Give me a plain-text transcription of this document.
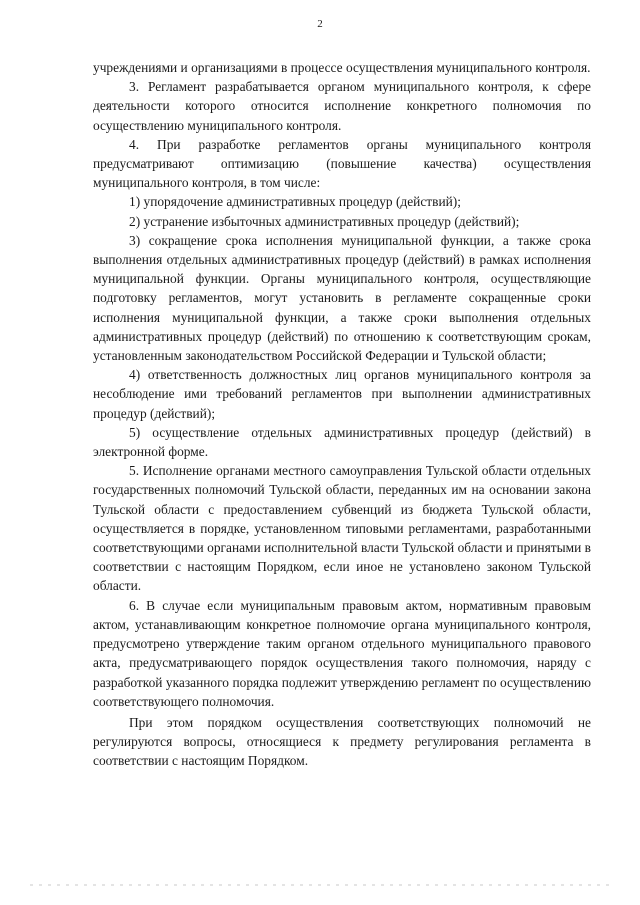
2

учреждениями и организациями в процессе осуществления муниципального контроля.

3. Регламент разрабатывается органом муниципального контроля, к сфере деятельности которого относится исполнение конкретного полномочия по осуществлению муниципального контроля.

4. При разработке регламентов органы муниципального контроля предусматривают оптимизацию (повышение качества) осуществления муниципального контроля, в том числе:

1) упорядочение административных процедур (действий);

2) устранение избыточных административных процедур (действий);

3) сокращение срока исполнения муниципальной функции, а также срока выполнения отдельных административных процедур (действий) в рамках исполнения муниципальной функции. Органы муниципального контроля, осуществляющие подготовку регламентов, могут установить в регламенте сокращенные сроки исполнения муниципальной функции, а также сроки выполнения отдельных административных процедур (действий) по отношению к соответствующим срокам, установленным законодательством Российской Федерации и Тульской области;

4) ответственность должностных лиц органов муниципального контроля за несоблюдение ими требований регламентов при выполнении административных процедур (действий);

5) осуществление отдельных административных процедур (действий) в электронной форме.

5. Исполнение органами местного самоуправления Тульской области отдельных государственных полномочий Тульской области, переданных им на основании закона Тульской области с предоставлением субвенций из бюджета Тульской области, осуществляется в порядке, установленном типовыми регламентами, разработанными соответствующими органами исполнительной власти Тульской области и принятыми в соответствии с настоящим Порядком, если иное не установлено законом Тульской области.

6. В случае если муниципальным правовым актом, нормативным правовым актом, устанавливающим конкретное полномочие органа муниципального контроля, предусмотрено утверждение таким органом отдельного муниципального правового акта, предусматривающего порядок осуществления такого полномочия, наряду с разработкой указанного порядка подлежит утверждению регламент по осуществлению соответствующего полномочия.

При этом порядком осуществления соответствующих полномочий не регулируются вопросы, относящиеся к предмету регулирования регламента в соответствии с настоящим Порядком.
